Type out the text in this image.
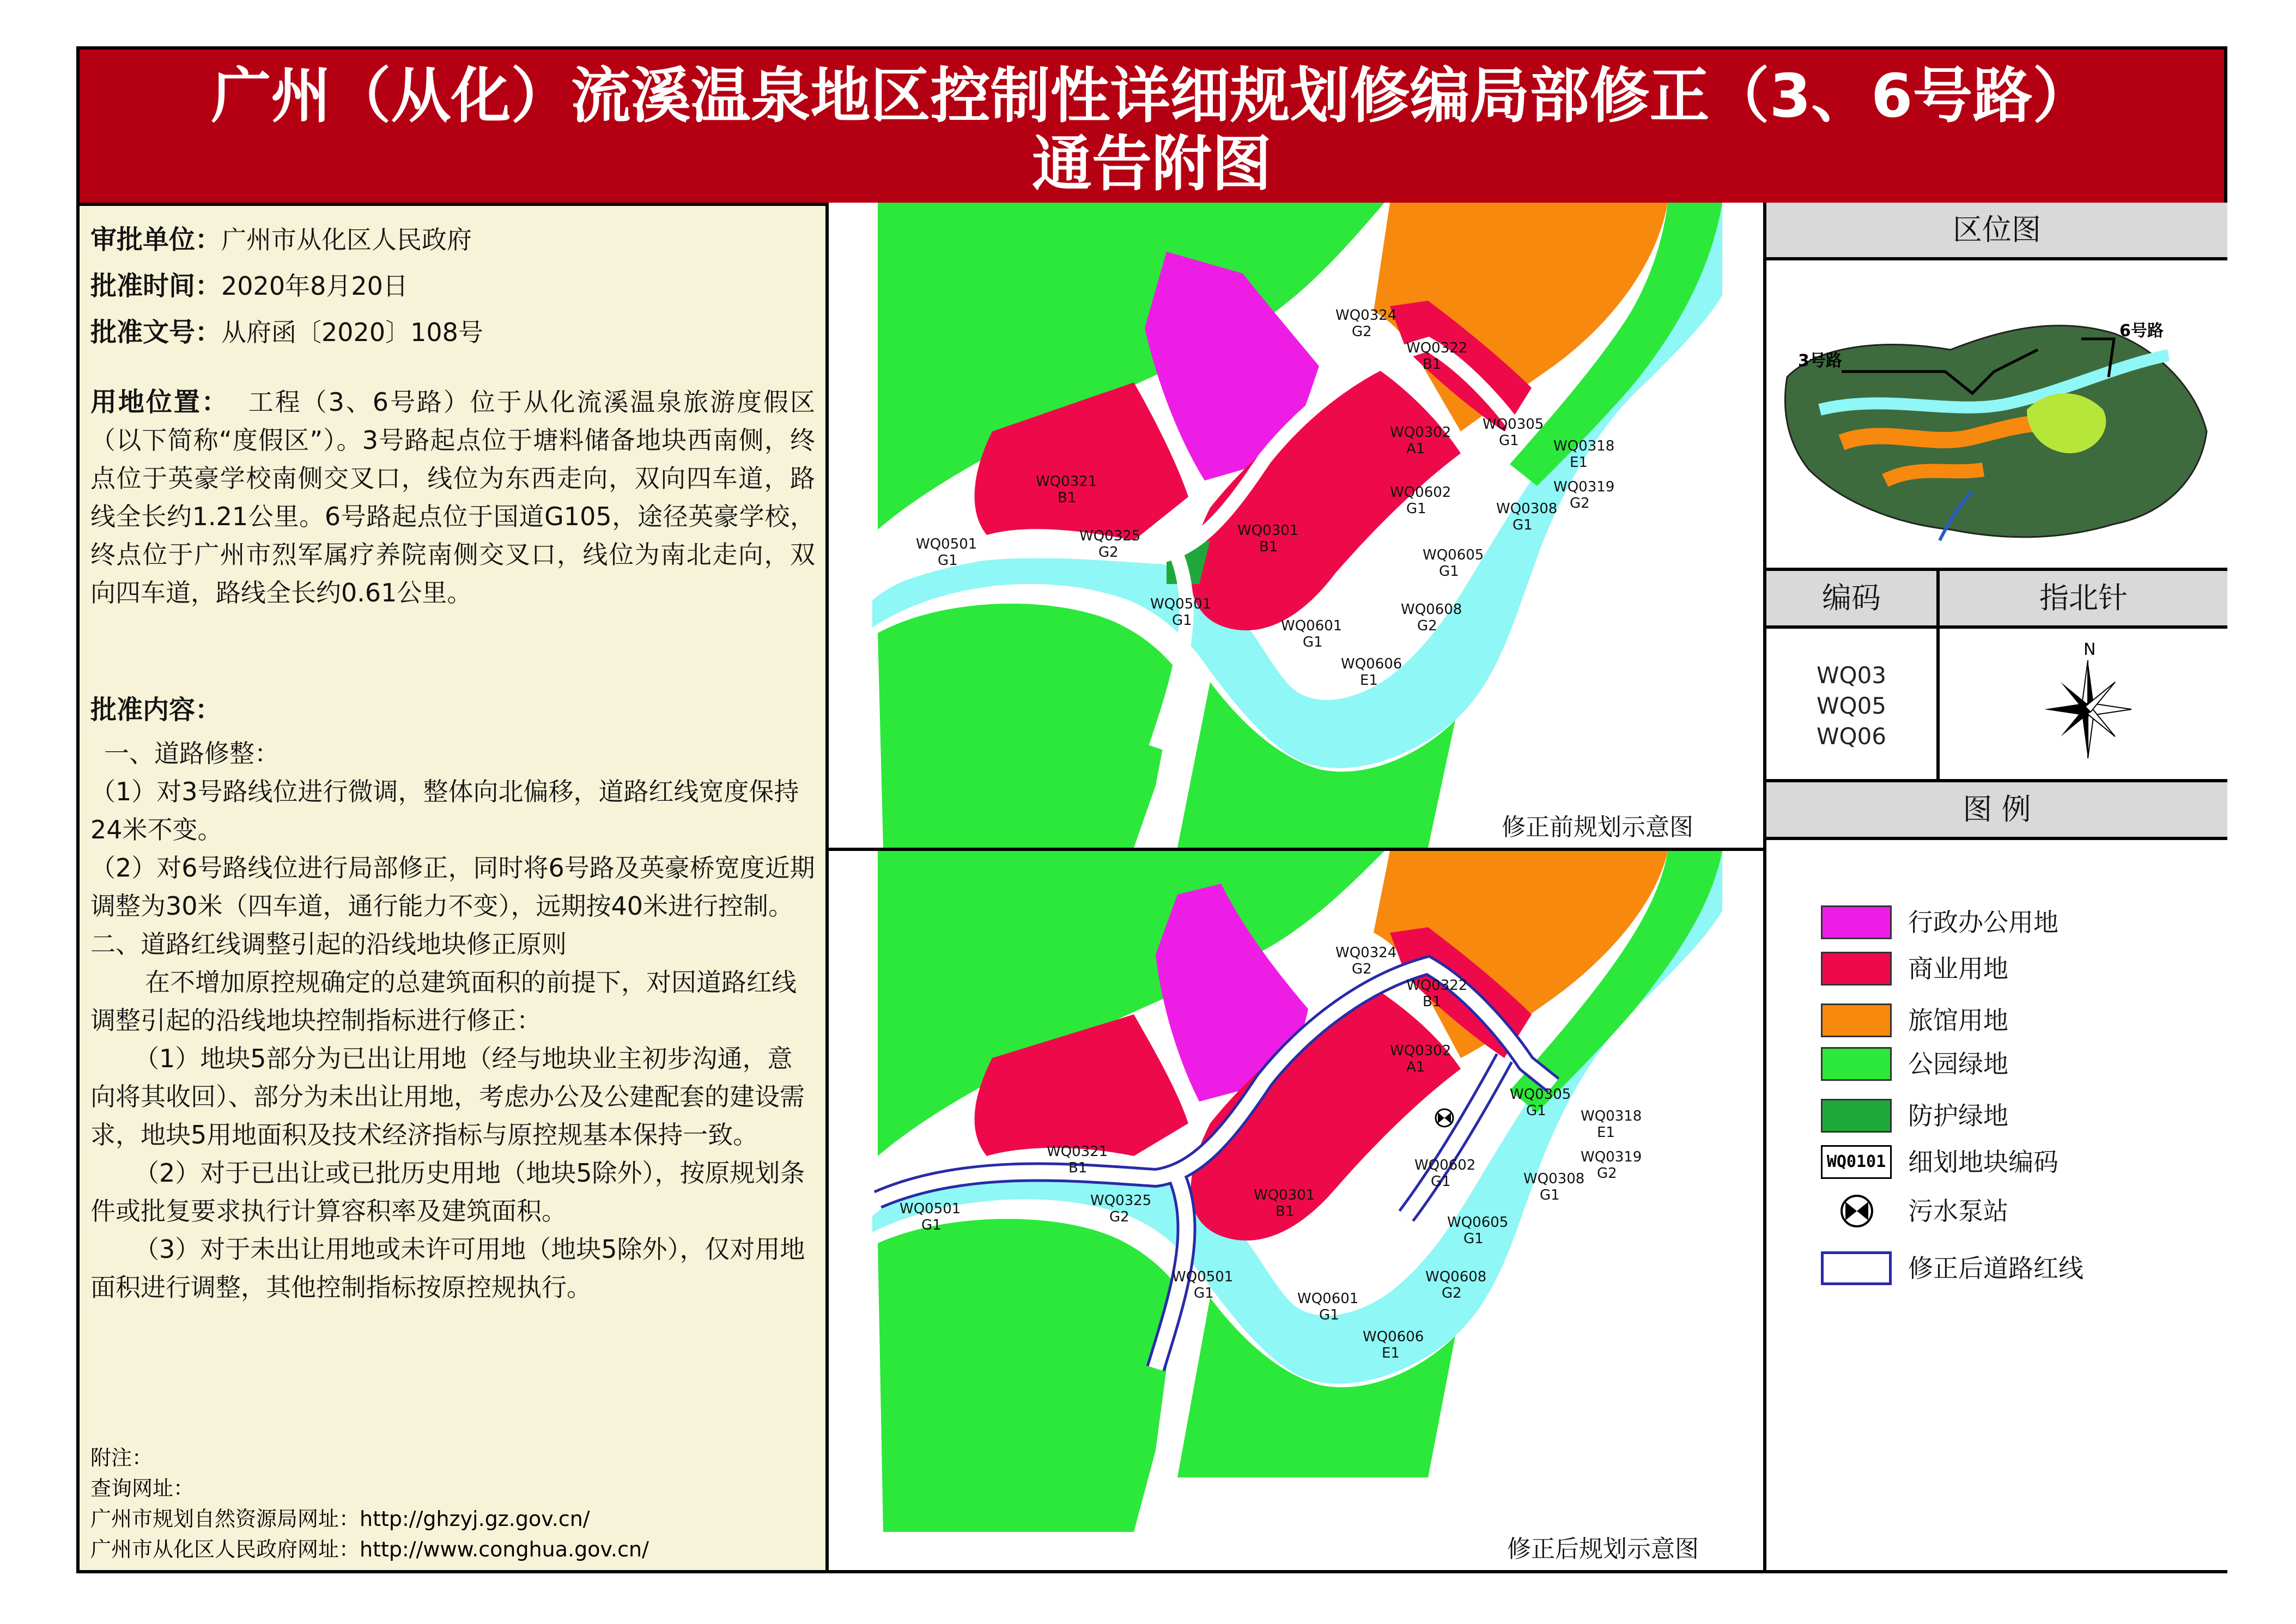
广州（从化）流溪温泉地区控制性详细规划修编局部修正（3、6号路）
通告附图
审批单位：广州市从化区人民政府
批准时间：2020年8月20日
批准文号：从府函〔2020〕108号
用地位置： 工程（3、6号路）位于从化流溪温泉旅游度假区（以下简称“度假区”）。3号路起点位于塘料储备地块西南侧，终点位于英豪学校南侧交叉口，线位为东西走向，双向四车道，路线全长约1.21公里。6号路起点位于国道G105，途径英豪学校，终点位于广州市烈军属疗养院南侧交叉口，线位为南北走向，双向四车道，路线全长约0.61公里。
批准内容：
一、道路修整：
（1）对3号路线位进行微调，整体向北偏移，道路红线宽度保持24米不变。
（2）对6号路线位进行局部修正，同时将6号路及英豪桥宽度近期调整为30米（四车道，通行能力不变），远期按40米进行控制。
二、道路红线调整引起的沿线地块修正原则
在不增加原控规确定的总建筑面积的前提下，对因道路红线调整引起的沿线地块控制指标进行修正：
（1）地块5部分为已出让用地（经与地块业主初步沟通，意向将其收回）、部分为未出让用地，考虑办公及公建配套的建设需求，地块5用地面积及技术经济指标与原控规基本保持一致。
（2）对于已出让或已批历史用地（地块5除外），按原规划条件或批复要求执行计算容积率及建筑面积。
（3）对于未出让用地或未许可用地（地块5除外），仅对用地面积进行调整，其他控制指标按原控规执行。
附注：
查询网址：
广州市规划自然资源局网址：http://ghzyj.gz.gov.cn/
广州市从化区人民政府网址：http://www.conghua.gov.cn/
WQ0324
G2
WQ0322
B1
WQ0302
A1
WQ0305
G1 WQ0318
E1
WQ0319
G2
WQ0321
B1
WQ0325
G2
WQ0301
B1
WQ0602
G1	WQ0308
G1
WQ0501
G1	WQ0605
G1
WQ0608
G2
WQ0501
G1	WQ0601
G1
WQ0606
E1
修正前规划示意图
WQ0324
G2
WQ0322
B1
WQ0302
A1
WQ0305
G1 WQ0318
E1
WQ0319
G2
WQ0321
B1
WQ0325
G2
WQ0301
B1
WQ0602
G1	WQ0308
G1
WQ0501
G1	WQ0605
G1
WQ0608
G2
WQ0501
G1	WQ0601
G1
WQ0606
E1
修正后规划示意图
区位图
3号路
6号路
编码	指北针
WQ03
WQ05
WQ06
N
图 例
行政办公用地
商业用地
旅馆用地
公园绿地
防护绿地
WQ0101 细划地块编码
污水泵站
修正后道路红线
